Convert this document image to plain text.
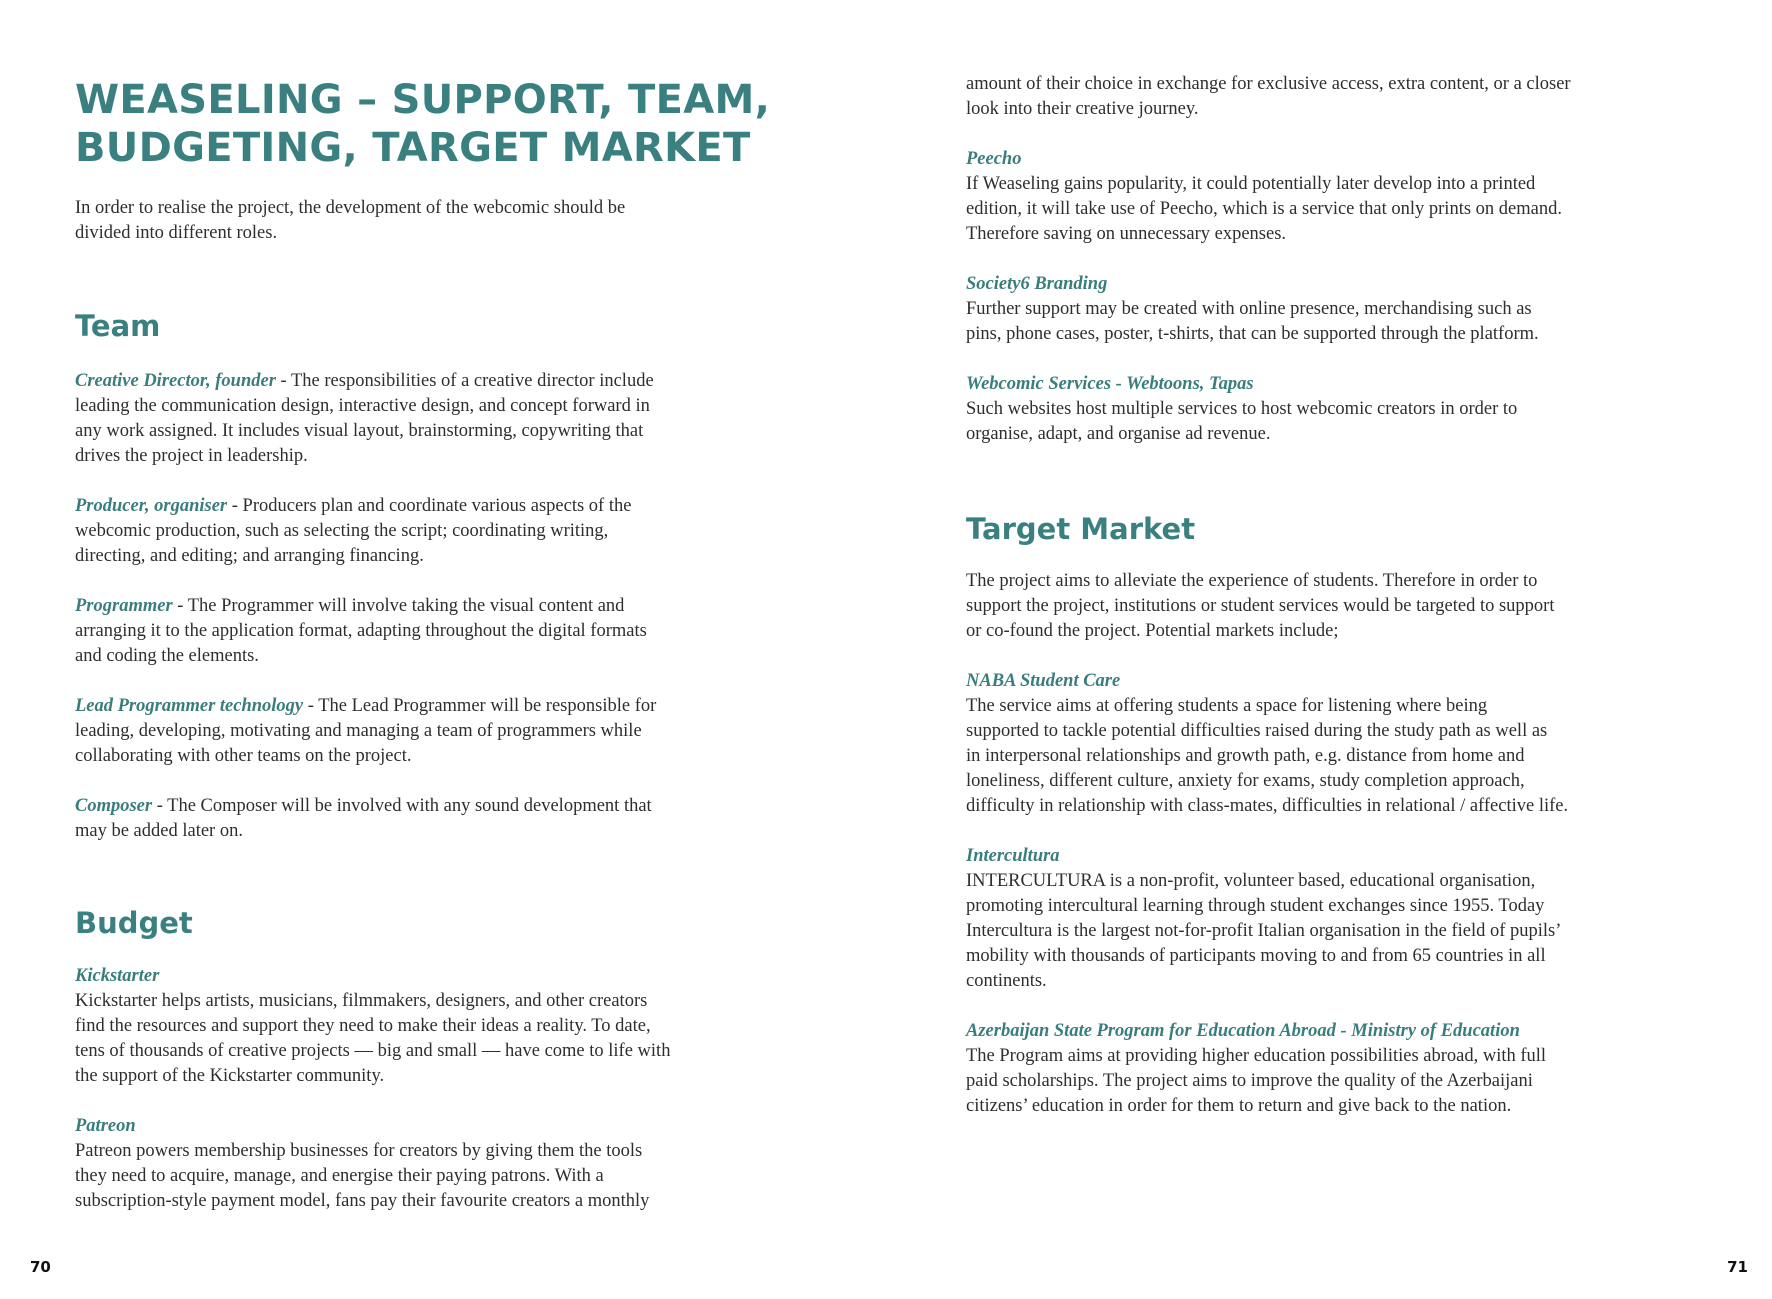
WEASELING – SUPPORT, TEAM,
BUDGETING, TARGET MARKET

In order to realise the project, the development of the webcomic should be
divided into different roles.

Team

Creative Director, founder - The responsibilities of a creative director include
leading the communication design, interactive design, and concept forward in
any work assigned. It includes visual layout, brainstorming, copywriting that
drives the project in leadership.

Producer, organiser - Producers plan and coordinate various aspects of the
webcomic production, such as selecting the script; coordinating writing,
directing, and editing; and arranging financing.

Programmer - The Programmer will involve taking the visual content and
arranging it to the application format, adapting throughout the digital formats
and coding the elements.

Lead Programmer technology - The Lead Programmer will be responsible for
leading, developing, motivating and managing a team of programmers while
collaborating with other teams on the project.

Composer - The Composer will be involved with any sound development that
may be added later on.

Budget

Kickstarter
Kickstarter helps artists, musicians, filmmakers, designers, and other creators
find the resources and support they need to make their ideas a reality. To date,
tens of thousands of creative projects — big and small — have come to life with
the support of the Kickstarter community.

Patreon
Patreon powers membership businesses for creators by giving them the tools
they need to acquire, manage, and energise their paying patrons. With a
subscription-style payment model, fans pay their favourite creators a monthly

70

amount of their choice in exchange for exclusive access, extra content, or a closer
look into their creative journey.

Peecho
If Weaseling gains popularity, it could potentially later develop into a printed
edition, it will take use of Peecho, which is a service that only prints on demand.
Therefore saving on unnecessary expenses.

Society6 Branding
Further support may be created with online presence, merchandising such as
pins, phone cases, poster, t-shirts, that can be supported through the platform.

Webcomic Services - Webtoons, Tapas
Such websites host multiple services to host webcomic creators in order to
organise, adapt, and organise ad revenue.

Target Market

The project aims to alleviate the experience of students. Therefore in order to
support the project, institutions or student services would be targeted to support
or co-found the project. Potential markets include;

NABA Student Care
The service aims at offering students a space for listening where being
supported to tackle potential difficulties raised during the study path as well as
in interpersonal relationships and growth path, e.g. distance from home and
loneliness, different culture, anxiety for exams, study completion approach,
difficulty in relationship with class-mates, difficulties in relational / affective life.

Intercultura
INTERCULTURA is a non-profit, volunteer based, educational organisation,
promoting intercultural learning through student exchanges since 1955. Today
Intercultura is the largest not-for-profit Italian organisation in the field of pupils’
mobility with thousands of participants moving to and from 65 countries in all
continents.

Azerbaijan State Program for Education Abroad - Ministry of Education
The Program aims at providing higher education possibilities abroad, with full
paid scholarships. The project aims to improve the quality of the Azerbaijani
citizens’ education in order for them to return and give back to the nation.

71
